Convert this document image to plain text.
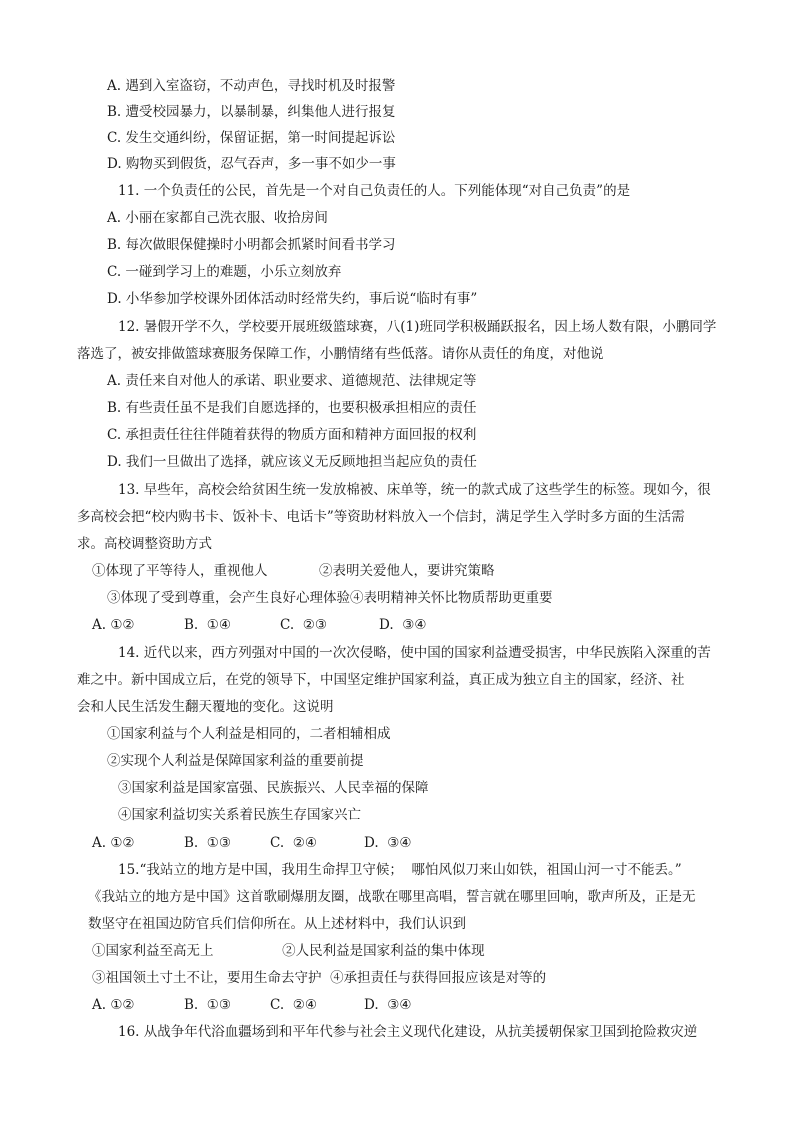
A. 遇到入室盗窃，不动声色，寻找时机及时报警
B. 遭受校园暴力，以暴制暴，纠集他人进行报复
C. 发生交通纠纷，保留证据，第一时间提起诉讼
D. 购物买到假货，忍气吞声，多一事不如少一事
11. 一个负责任的公民，首先是一个对自己负责任的人。下列能体现“对自己负责”的是
A. 小丽在家都自己洗衣服、收拾房间
B. 每次做眼保健操时小明都会抓紧时间看书学习
C. 一碰到学习上的难题，小乐立刻放弃
D. 小华参加学校课外团体活动时经常失约，事后说“临时有事”
12. 暑假开学不久，学校要开展班级篮球赛，八(1)班同学积极踊跃报名，因上场人数有限，小鹏同学
落选了，被安排做篮球赛服务保障工作，小鹏情绪有些低落。请你从责任的角度，对他说
A. 责任来自对他人的承诺、职业要求、道德规范、法律规定等
B. 有些责任虽不是我们自愿选择的，也要积极承担相应的责任
C. 承担责任往往伴随着获得的物质方面和精神方面回报的权利
D. 我们一旦做出了选择，就应该义无反顾地担当起应负的责任
13. 早些年，高校会给贫困生统一发放棉被、床单等，统一的款式成了这些学生的标签。现如今，很
多高校会把“校内购书卡、饭补卡、电话卡”等资助材料放入一个信封，满足学生入学时多方面的生活需
求。高校调整资助方式
①体现了平等待人，重视他人            ②表明关爱他人，要讲究策略
③体现了受到尊重，会产生良好心理体验④表明精神关怀比物质帮助更重要

A. ①②

	B.  ①④

	C.  ②③

	D.  ③④

14. 近代以来，西方列强对中国的一次次侵略，使中国的国家利益遭受损害，中华民族陷入深重的苦
难之中。新中国成立后，在党的领导下，中国坚定维护国家利益，真正成为独立自主的国家，经济、社
会和人民生活发生翻天覆地的变化。这说明
①国家利益与个人利益是相同的，二者相辅相成
②实现个人利益是保障国家利益的重要前提
③国家利益是国家富强、民族振兴、人民幸福的保障
④国家利益切实关系着民族生存国家兴亡

A. ①②

	B.  ①③

	C.  ②④

	D.  ③④

15.“我站立的地方是中国，我用生命捍卫守候；  哪怕风似刀来山如铁，祖国山河一寸不能丢。”
《我站立的地方是中国》这首歌刷爆朋友圈，战歌在哪里高唱，誓言就在哪里回响，歌声所及，正是无
数坚守在祖国边防官兵们信仰所在。从上述材料中，我们认识到
①国家利益至高无上                ②人民利益是国家利益的集中体现
③祖国领土寸土不让，要用生命去守护  ④承担责任与获得回报应该是对等的

A. ①②

	B.  ①③

	C.  ②④

	D.  ③④

16. 从战争年代浴血疆场到和平年代参与社会主义现代化建设，从抗美援朝保家卫国到抢险救灾逆
